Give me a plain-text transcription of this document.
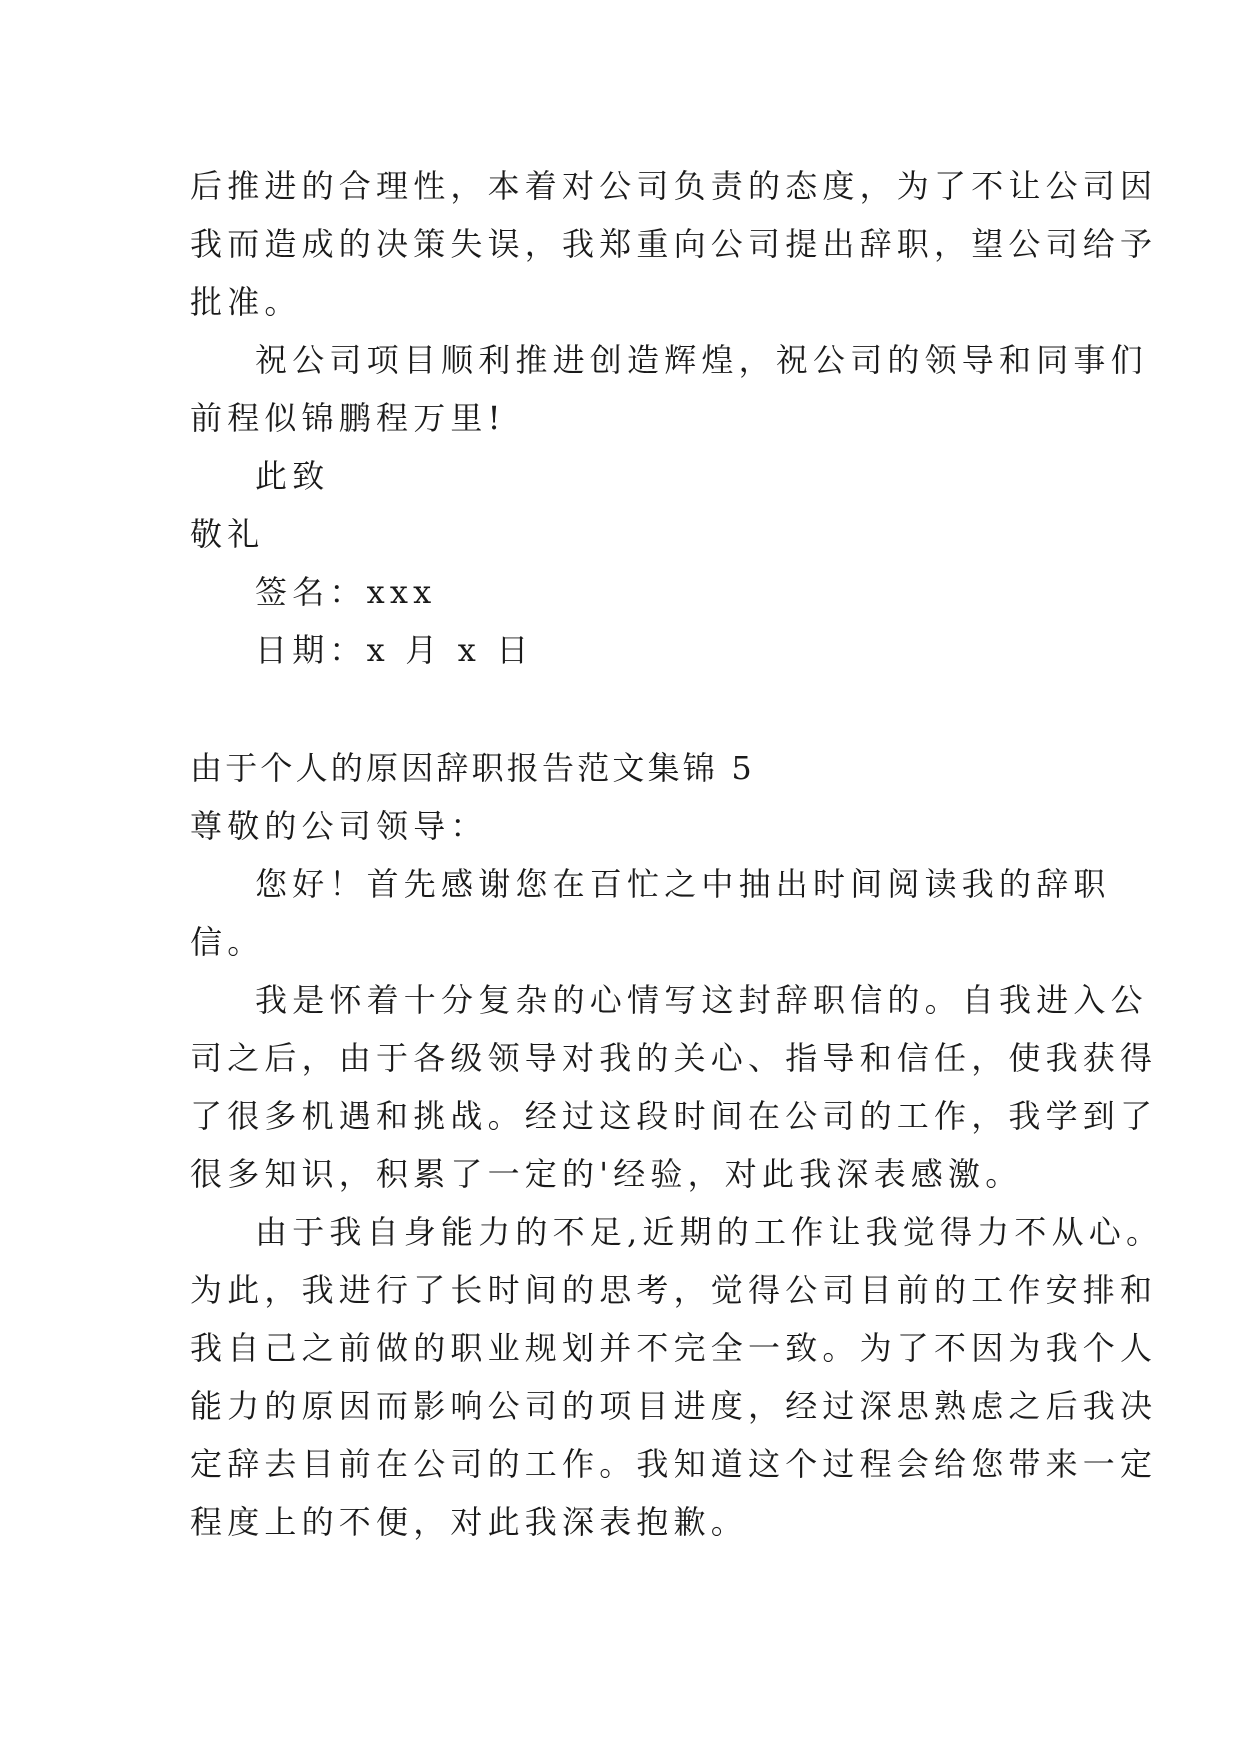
后推进的合理性，本着对公司负责的态度，为了不让公司因
我而造成的决策失误，我郑重向公司提出辞职，望公司给予
批准。
祝公司项目顺利推进创造辉煌，祝公司的领导和同事们
前程似锦鹏程万里!
此致
敬礼
签名：xxx
日期：x 月 x 日
由于个人的原因辞职报告范文集锦 5
尊敬的公司领导：
您好！首先感谢您在百忙之中抽出时间阅读我的辞职
信。
我是怀着十分复杂的心情写这封辞职信的。自我进入公
司之后，由于各级领导对我的关心、指导和信任，使我获得
了很多机遇和挑战。经过这段时间在公司的工作，我学到了
很多知识，积累了一定的'经验，对此我深表感激。
由于我自身能力的不足,近期的工作让我觉得力不从心。
为此，我进行了长时间的思考，觉得公司目前的工作安排和
我自己之前做的职业规划并不完全一致。为了不因为我个人
能力的原因而影响公司的项目进度，经过深思熟虑之后我决
定辞去目前在公司的工作。我知道这个过程会给您带来一定
程度上的不便，对此我深表抱歉。
